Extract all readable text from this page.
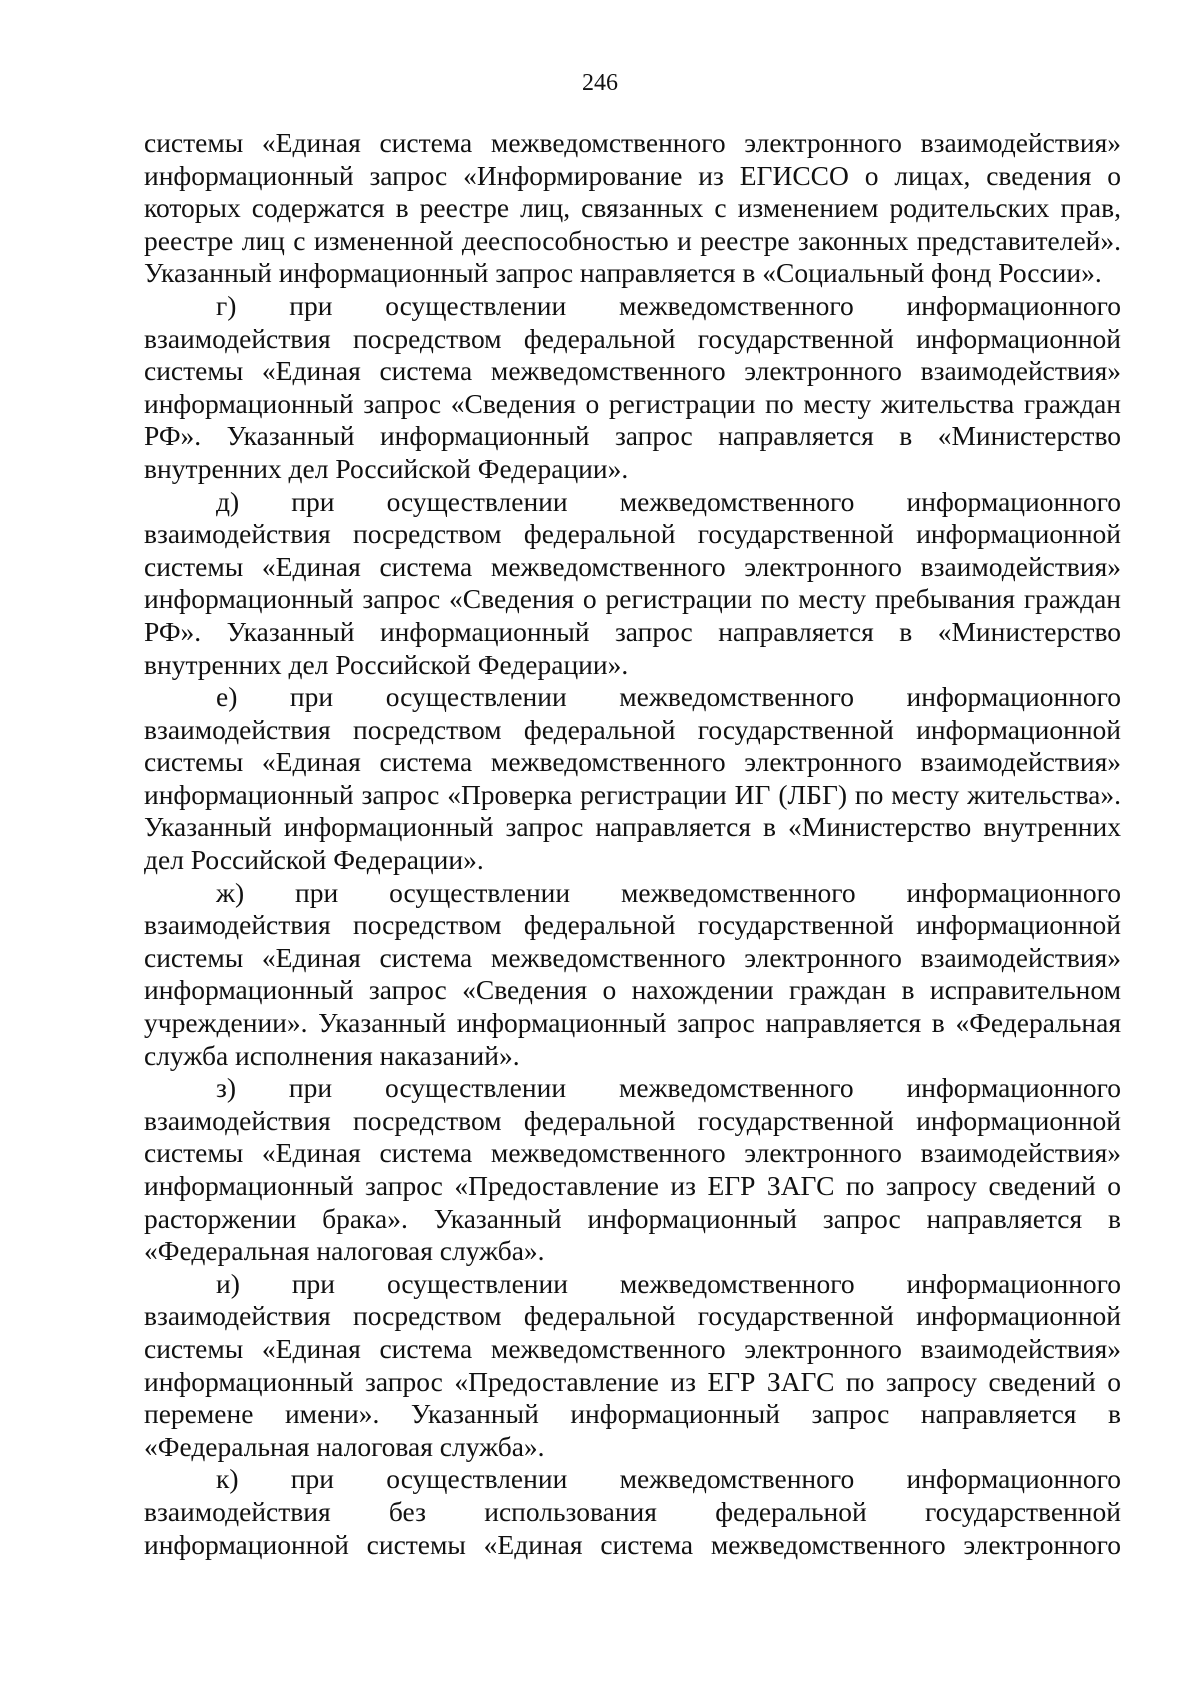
246

системы «Единая система межведомственного электронного взаимодействия» информационный запрос «Информирование из ЕГИССО о лицах, сведения о которых содержатся в реестре лиц, связанных с изменением родительских прав, реестре лиц с измененной дееспособностью и реестре законных представителей». Указанный информационный запрос направляется в «Социальный фонд России».

г) при осуществлении межведомственного информационного взаимодействия посредством федеральной государственной информационной системы «Единая система межведомственного электронного взаимодействия» информационный запрос «Сведения о регистрации по месту жительства граждан РФ». Указанный информационный запрос направляется в «Министерство внутренних дел Российской Федерации».

д) при осуществлении межведомственного информационного взаимодействия посредством федеральной государственной информационной системы «Единая система межведомственного электронного взаимодействия» информационный запрос «Сведения о регистрации по месту пребывания граждан РФ». Указанный информационный запрос направляется в «Министерство внутренних дел Российской Федерации».

е) при осуществлении межведомственного информационного взаимодействия посредством федеральной государственной информационной системы «Единая система межведомственного электронного взаимодействия» информационный запрос «Проверка регистрации ИГ (ЛБГ) по месту жительства». Указанный информационный запрос направляется в «Министерство внутренних дел Российской Федерации».

ж) при осуществлении межведомственного информационного взаимодействия посредством федеральной государственной информационной системы «Единая система межведомственного электронного взаимодействия» информационный запрос «Сведения о нахождении граждан в исправительном учреждении». Указанный информационный запрос направляется в «Федеральная служба исполнения наказаний».

з) при осуществлении межведомственного информационного взаимодействия посредством федеральной государственной информационной системы «Единая система межведомственного электронного взаимодействия» информационный запрос «Предоставление из ЕГР ЗАГС по запросу сведений о расторжении брака». Указанный информационный запрос направляется в «Федеральная налоговая служба».

и) при осуществлении межведомственного информационного взаимодействия посредством федеральной государственной информационной системы «Единая система межведомственного электронного взаимодействия» информационный запрос «Предоставление из ЕГР ЗАГС по запросу сведений о перемене имени». Указанный информационный запрос направляется в «Федеральная налоговая служба».

к) при осуществлении межведомственного информационного взаимодействия без использования федеральной государственной информационной системы «Единая система межведомственного электронного
